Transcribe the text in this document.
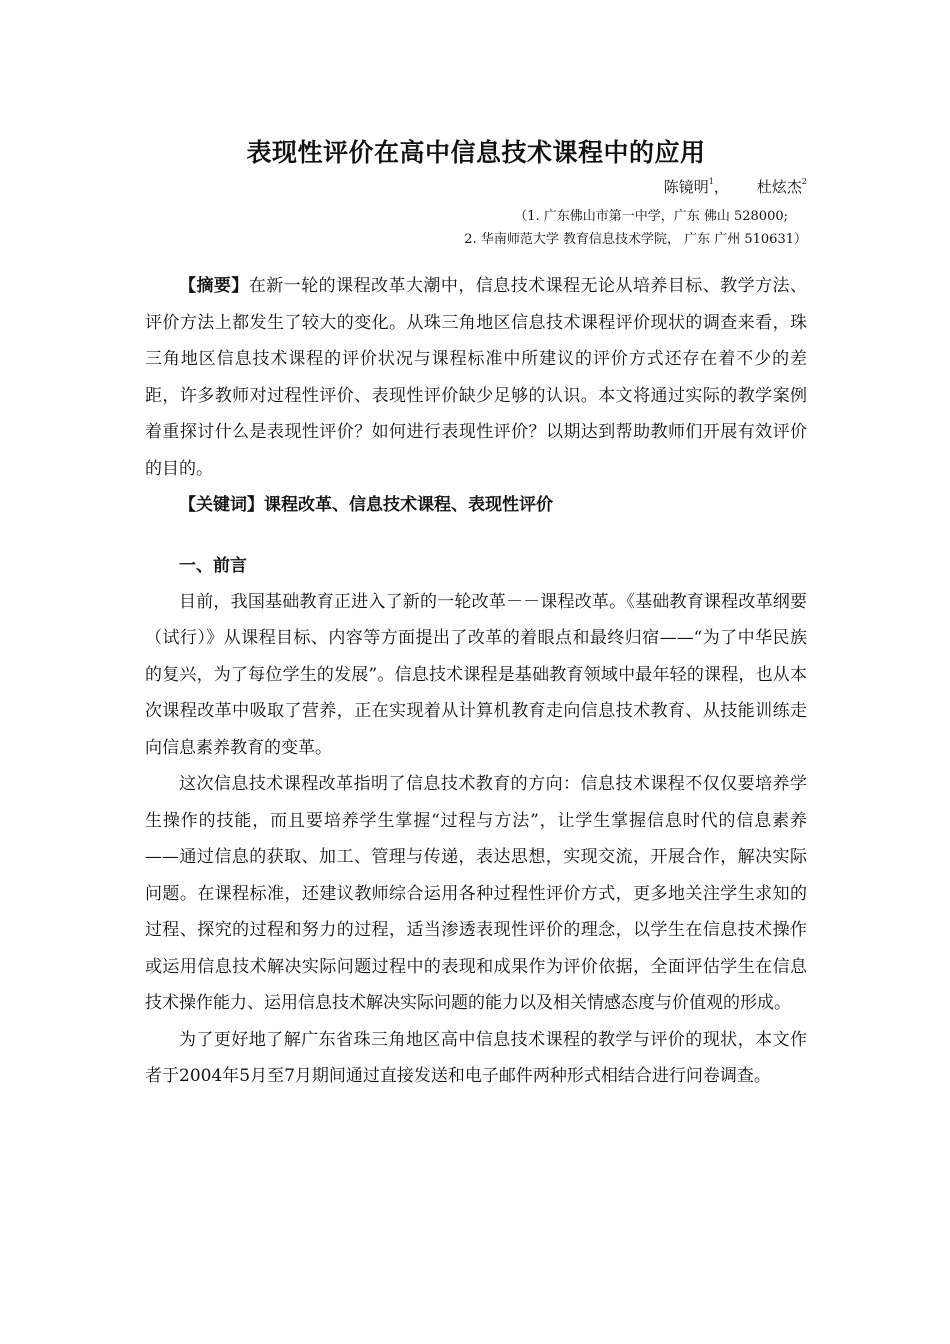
表现性评价在高中信息技术课程中的应用
陈镜明$^1$， 杜炫杰$^2$
（1. 广东佛山市第一中学，广东 佛山 528000;
2. 华南师范大学 教育信息技术学院， 广东 广州 510631）

【摘要】在新一轮的课程改革大潮中，信息技术课程无论从培养目标、教学方法、评价方法上都发生了较大的变化。从珠三角地区信息技术课程评价现状的调查来看，珠三角地区信息技术课程的评价状况与课程标准中所建议的评价方式还存在着不少的差距，许多教师对过程性评价、表现性评价缺少足够的认识。本文将通过实际的教学案例着重探讨什么是表现性评价？如何进行表现性评价？以期达到帮助教师们开展有效评价的目的。

【关键词】课程改革、信息技术课程、表现性评价

一、前言

目前，我国基础教育正进入了新的一轮改革－－课程改革。《基础教育课程改革纲要（试行）》从课程目标、内容等方面提出了改革的着眼点和最终归宿——“为了中华民族的复兴，为了每位学生的发展”。信息技术课程是基础教育领域中最年轻的课程，也从本次课程改革中吸取了营养，正在实现着从计算机教育走向信息技术教育、从技能训练走向信息素养教育的变革。

这次信息技术课程改革指明了信息技术教育的方向：信息技术课程不仅仅要培养学生操作的技能，而且要培养学生掌握“过程与方法”，让学生掌握信息时代的信息素养——通过信息的获取、加工、管理与传递，表达思想，实现交流，开展合作，解决实际问题。在课程标准，还建议教师综合运用各种过程性评价方式，更多地关注学生求知的过程、探究的过程和努力的过程，适当渗透表现性评价的理念，以学生在信息技术操作或运用信息技术解决实际问题过程中的表现和成果作为评价依据，全面评估学生在信息技术操作能力、运用信息技术解决实际问题的能力以及相关情感态度与价值观的形成。

为了更好地了解广东省珠三角地区高中信息技术课程的教学与评价的现状，本文作者于2004年5月至7月期间通过直接发送和电子邮件两种形式相结合进行问卷调查。
